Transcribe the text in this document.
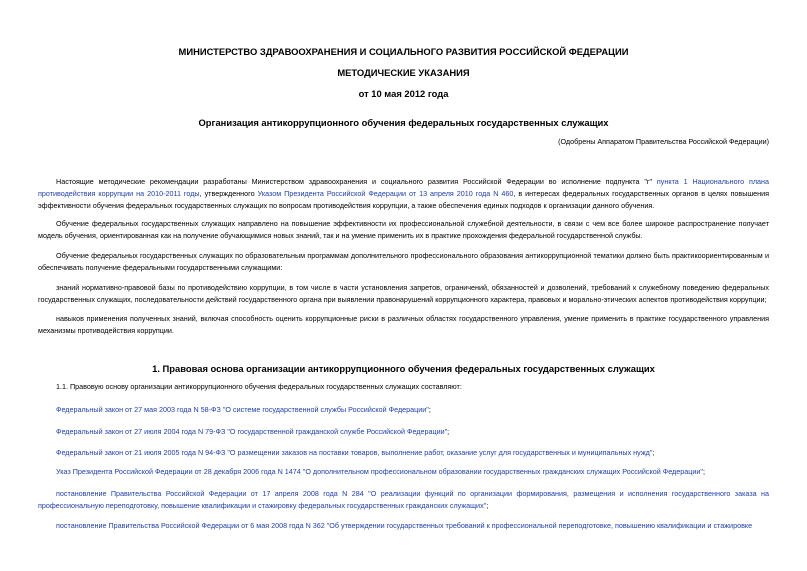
МИНИСТЕРСТВО ЗДРАВООХРАНЕНИЯ И СОЦИАЛЬНОГО РАЗВИТИЯ РОССИЙСКОЙ ФЕДЕРАЦИИ
МЕТОДИЧЕСКИЕ УКАЗАНИЯ
от 10 мая 2012 года
Организация антикоррупционного обучения федеральных государственных служащих
(Одобрены Аппаратом Правительства Российской Федерации)
Настоящие методические рекомендации разработаны Министерством здравоохранения и социального развития Российской Федерации во исполнение подпункта "г" пункта 1 Национального плана противодействия коррупции на 2010-2011 годы, утвержденного Указом Президента Российской Федерации от 13 апреля 2010 года N 460, в интересах федеральных государственных органов в целях повышения эффективности обучения федеральных государственных служащих по вопросам противодействия коррупции, а также обеспечения единых подходов к организации данного обучения.
Обучение федеральных государственных служащих направлено на повышение эффективности их профессиональной служебной деятельности, в связи с чем все более широкое распространение получает модель обучения, ориентированная как на получение обучающимися новых знаний, так и на умение применить их в практике прохождения федеральной государственной службы.
Обучение федеральных государственных служащих по образовательным программам дополнительного профессионального образования антикоррупционной тематики должно быть практикоориентированным и обеспечивать получение федеральными государственными служащими:
знаний нормативно-правовой базы по противодействию коррупции, в том числе в части установления запретов, ограничений, обязанностей и дозволений, требований к служебному поведению федеральных государственных служащих, последовательности действий государственного органа при выявлении правонарушений коррупционного характера, правовых и морально-этических аспектов противодействия коррупции;
навыков применения полученных знаний, включая способность оценить коррупционные риски в различных областях государственного управления, умение применить в практике государственного управления механизмы противодействия коррупции.
1. Правовая основа организации антикоррупционного обучения федеральных государственных служащих
1.1. Правовую основу организации антикоррупционного обучения федеральных государственных служащих составляют:
Федеральный закон от 27 мая 2003 года N 58-ФЗ "О системе государственной службы Российской Федерации";
Федеральный закон от 27 июля 2004 года N 79-ФЗ "О государственной гражданской службе Российской Федерации";
Федеральный закон от 21 июля 2005 года N 94-ФЗ "О размещении заказов на поставки товаров, выполнение работ, оказание услуг для государственных и муниципальных нужд";
Указ Президента Российской Федерации от 28 декабря 2006 года N 1474 "О дополнительном профессиональном образовании государственных гражданских служащих Российской Федерации";
постановление Правительства Российской Федерации от 17 апреля 2008 года N 284 "О реализации функций по организации формирования, размещения и исполнения государственного заказа на профессиональную переподготовку, повышение квалификации и стажировку федеральных государственных гражданских служащих";
постановление Правительства Российской Федерации от 6 мая 2008 года N 362 "Об утверждении государственных требований к профессиональной переподготовке, повышению квалификации и стажировке
